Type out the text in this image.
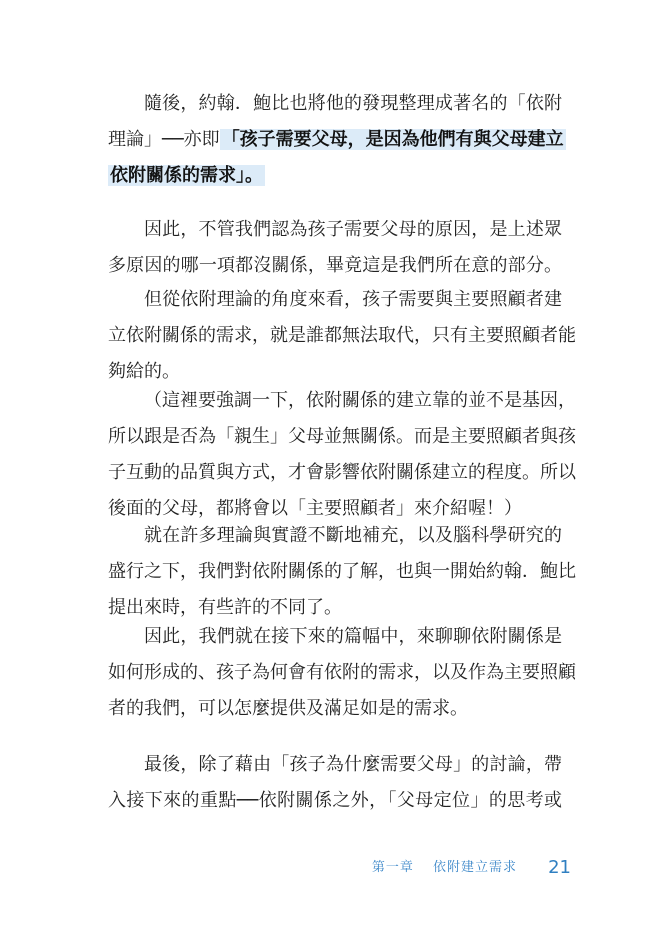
隨後，約翰．鮑比也將他的發現整理成著名的「依附
理論」──亦即 「孩子需要父母，是因為他們有與父母建立
依附關係的需求」。
因此，不管我們認為孩子需要父母的原因，是上述眾
多原因的哪一項都沒關係，畢竟這是我們所在意的部分。
但從依附理論的角度來看，孩子需要與主要照顧者建
立依附關係的需求，就是誰都無法取代，只有主要照顧者能
夠給的。
（這裡要強調一下，依附關係的建立靠的並不是基因，
所以跟是否為「親生」父母並無關係。而是主要照顧者與孩
子互動的品質與方式，才會影響依附關係建立的程度。所以
後面的父母，都將會以「主要照顧者」來介紹喔！）
就在許多理論與實證不斷地補充，以及腦科學研究的
盛行之下，我們對依附關係的了解，也與一開始約翰．鮑比
提出來時，有些許的不同了。
因此，我們就在接下來的篇幅中，來聊聊依附關係是
如何形成的、孩子為何會有依附的需求，以及作為主要照顧
者的我們，可以怎麼提供及滿足如是的需求。
最後，除了藉由「孩子為什麼需要父母」的討論，帶
入接下來的重點──依附關係之外，「父母定位」的思考或
第一章 依附建立需求 21
